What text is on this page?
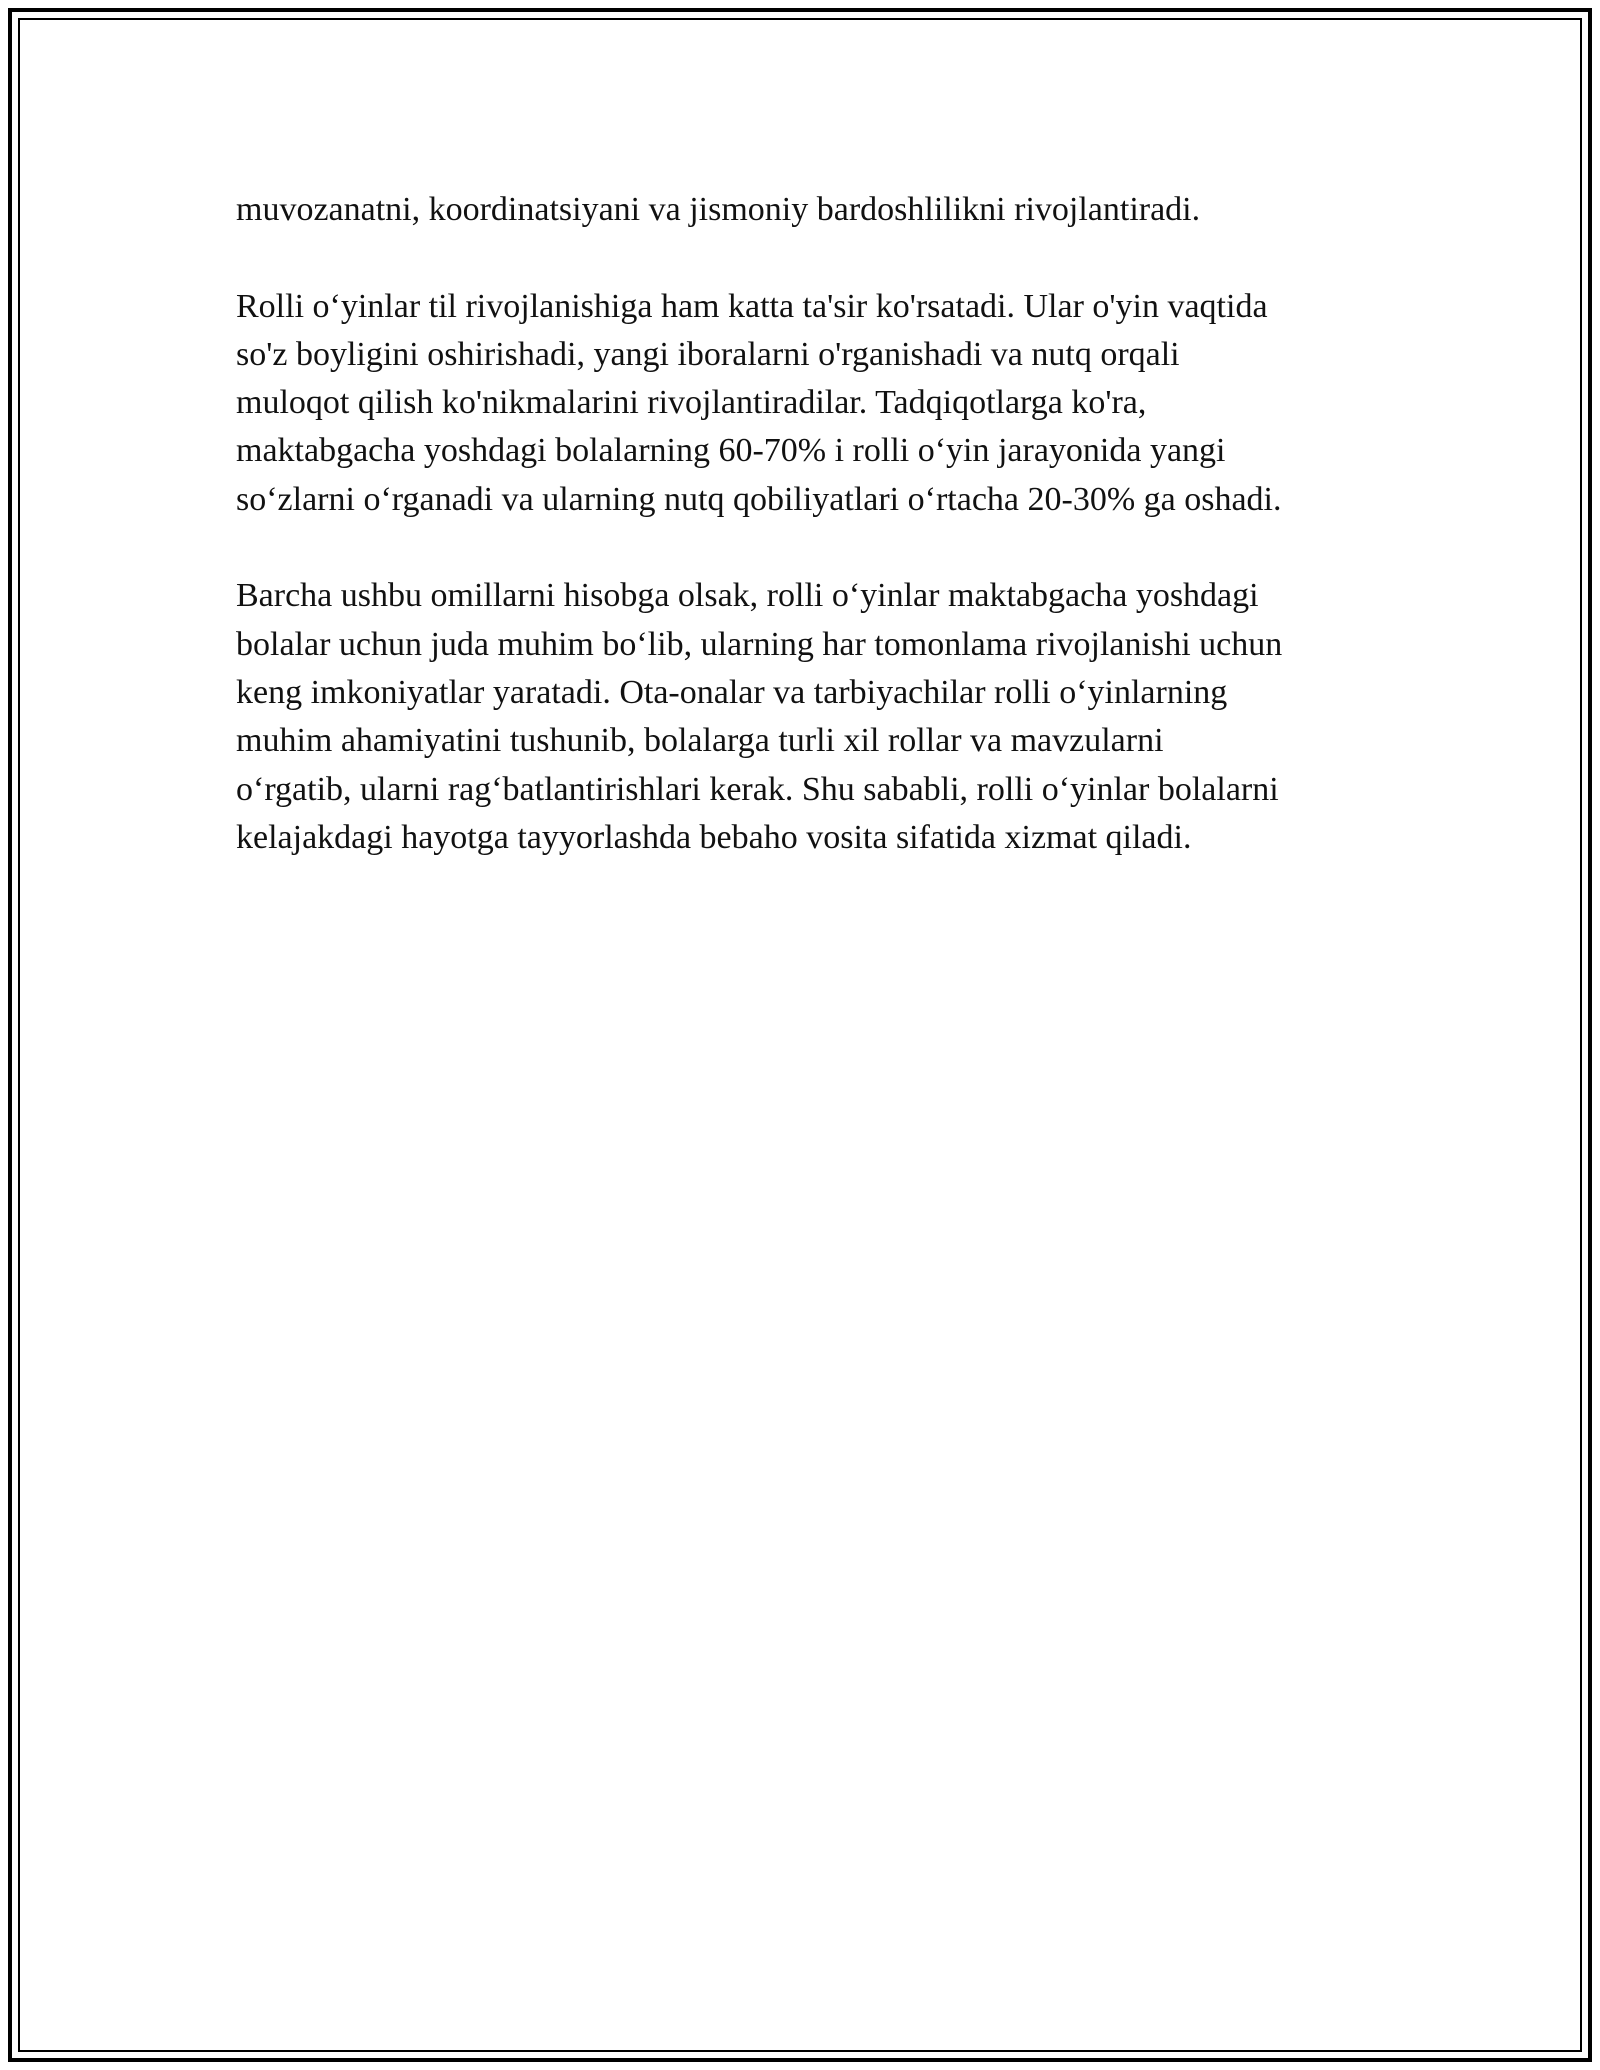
muvozanatni, koordinatsiyani va jismoniy bardoshlilikni rivojlantiradi.

Rolli o‘yinlar til rivojlanishiga ham katta ta'sir ko'rsatadi. Ular o'yin vaqtida
so'z boyligini oshirishadi, yangi iboralarni o'rganishadi va nutq orqali
muloqot qilish ko'nikmalarini rivojlantiradilar. Tadqiqotlarga ko'ra,
maktabgacha yoshdagi bolalarning 60-70% i rolli o‘yin jarayonida yangi
so‘zlarni o‘rganadi va ularning nutq qobiliyatlari o‘rtacha 20-30% ga oshadi.

Barcha ushbu omillarni hisobga olsak, rolli o‘yinlar maktabgacha yoshdagi
bolalar uchun juda muhim bo‘lib, ularning har tomonlama rivojlanishi uchun
keng imkoniyatlar yaratadi. Ota-onalar va tarbiyachilar rolli o‘yinlarning
muhim ahamiyatini tushunib, bolalarga turli xil rollar va mavzularni
o‘rgatib, ularni rag‘batlantirishlari kerak. Shu sababli, rolli o‘yinlar bolalarni
kelajakdagi hayotga tayyorlashda bebaho vosita sifatida xizmat qiladi.
